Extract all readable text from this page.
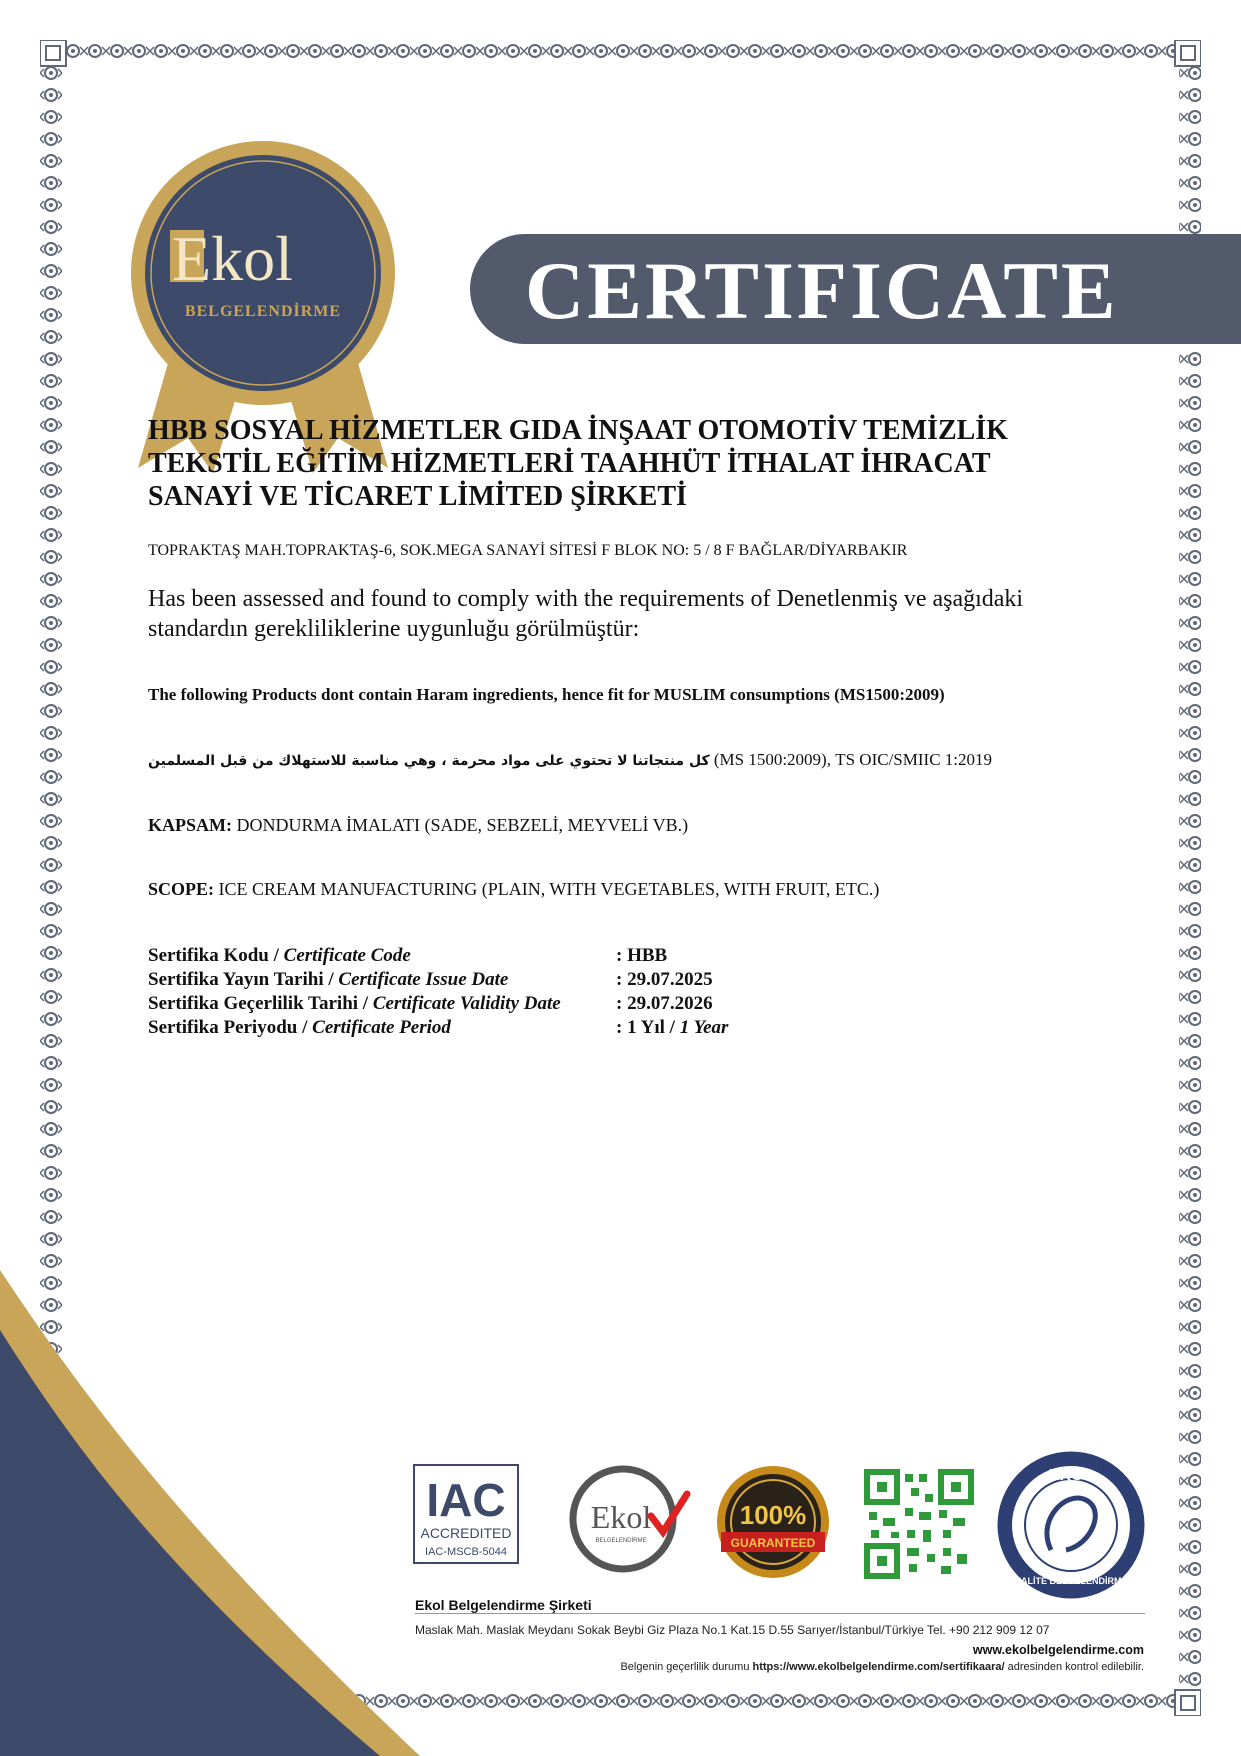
Ekol
BELGELENDİRME CERTIFICATE
HBB SOSYAL HİZMETLER GIDA İNŞAAT OTOMOTİV TEMİZLİK TEKSTİL EĞİTİM HİZMETLERİ TAAHHÜT İTHALAT İHRACAT SANAYİ VE TİCARET LİMİTED ŞİRKETİ
TOPRAKTAŞ MAH.TOPRAKTAŞ-6, SOK.MEGA SANAYİ SİTESİ F BLOK NO: 5 / 8 F BAĞLAR/DİYARBAKIR
Has been assessed and found to comply with the requirements of Denetlenmiş ve aşağıdaki standardın gerekliliklerine uygunluğu görülmüştür:
The following Products dont contain Haram ingredients, hence fit for MUSLIM consumptions (MS1500:2009)
كل منتجاتنا لا تحتوي على مواد محرمة ، وهي مناسبة للاستهلاك من قبل المسلمين (MS 1500:2009), TS OIC/SMIIC 1:2019
KAPSAM: DONDURMA İMALATI (SADE, SEBZELİ, MEYVELİ VB.)
SCOPE: ICE CREAM MANUFACTURING (PLAIN, WITH VEGETABLES, WITH FRUIT, ETC.)
Sertifika Kodu / Certificate Code	: HBB
Sertifika Yayın Tarihi / Certificate Issue Date	: 29.07.2025
Sertifika Geçerlilik Tarihi / Certificate Validity Date	: 29.07.2026
Sertifika Periyodu / Certificate Period	: 1 Yıl / 1 Year
IAC
ACCREDITED
IAC-MSCB-5044
Ekol
BELGELENDİRME
100%
GUARANTEED
EKOL
KALİTE BELGELENDİRME
Ekol Belgelendirme Şirketi
Maslak Mah. Maslak Meydanı Sokak Beybi Giz Plaza No.1 Kat.15 D.55 Sarıyer/İstanbul/Türkiye Tel. +90 212 909 12 07
www.ekolbelgelendirme.com
Belgenin geçerlilik durumu https://www.ekolbelgelendirme.com/sertifikaara/ adresinden kontrol edilebilir.
